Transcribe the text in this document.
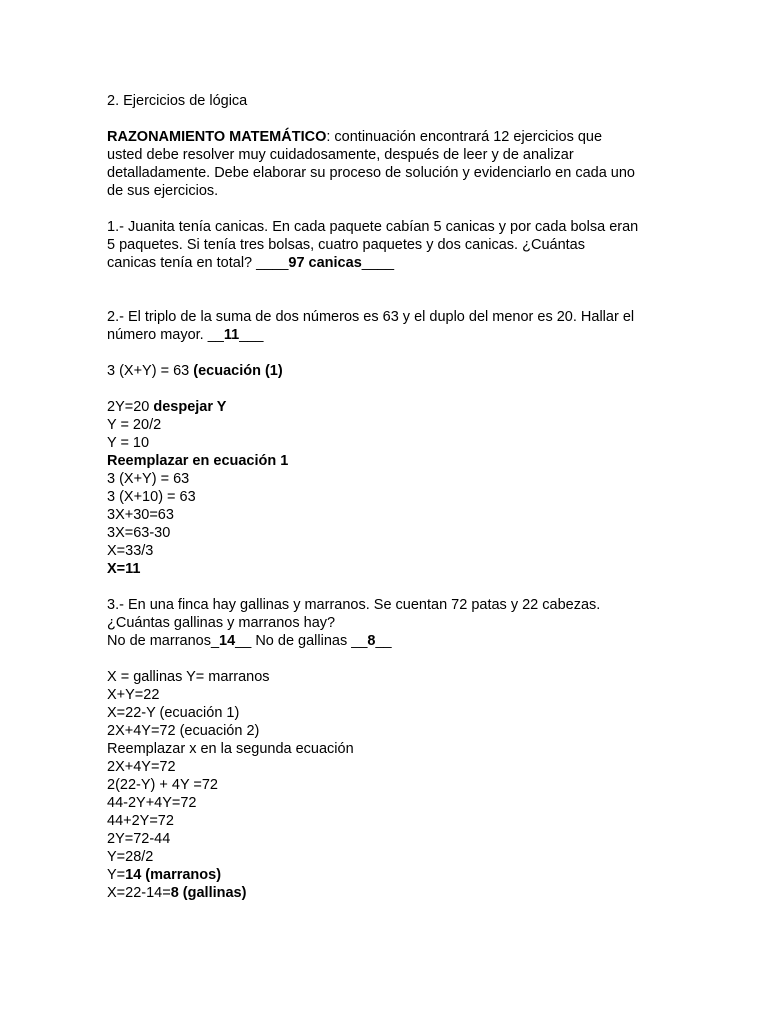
2. Ejercicios de lógica
RAZONAMIENTO MATEMÁTICO: continuación encontrará 12 ejercicios que
usted debe resolver muy cuidadosamente, después de leer y de analizar
detalladamente. Debe elaborar su proceso de solución y evidenciarlo en cada uno
de sus ejercicios.
1.- Juanita tenía canicas. En cada paquete cabían 5 canicas y por cada bolsa eran
5 paquetes. Si tenía tres bolsas, cuatro paquetes y dos canicas. ¿Cuántas
canicas tenía en total? ____97 canicas____
2.- El triplo de la suma de dos números es 63 y el duplo del menor es 20. Hallar el
número mayor. __11___
3 (X+Y) = 63 (ecuación (1)
2Y=20 despejar Y
Y = 20/2
Y = 10
Reemplazar en ecuación 1
3 (X+Y) = 63
3 (X+10) = 63
3X+30=63
3X=63-30
X=33/3
X=11
3.- En una finca hay gallinas y marranos. Se cuentan 72 patas y 22 cabezas.
¿Cuántas gallinas y marranos hay?
No de marranos_14__ No de gallinas __8__
X = gallinas Y= marranos
X+Y=22
X=22-Y (ecuación 1)
2X+4Y=72 (ecuación 2)
Reemplazar x en la segunda ecuación
2X+4Y=72
2(22-Y) + 4Y =72
44-2Y+4Y=72
44+2Y=72
2Y=72-44
Y=28/2
Y=14 (marranos)
X=22-14=8 (gallinas)
